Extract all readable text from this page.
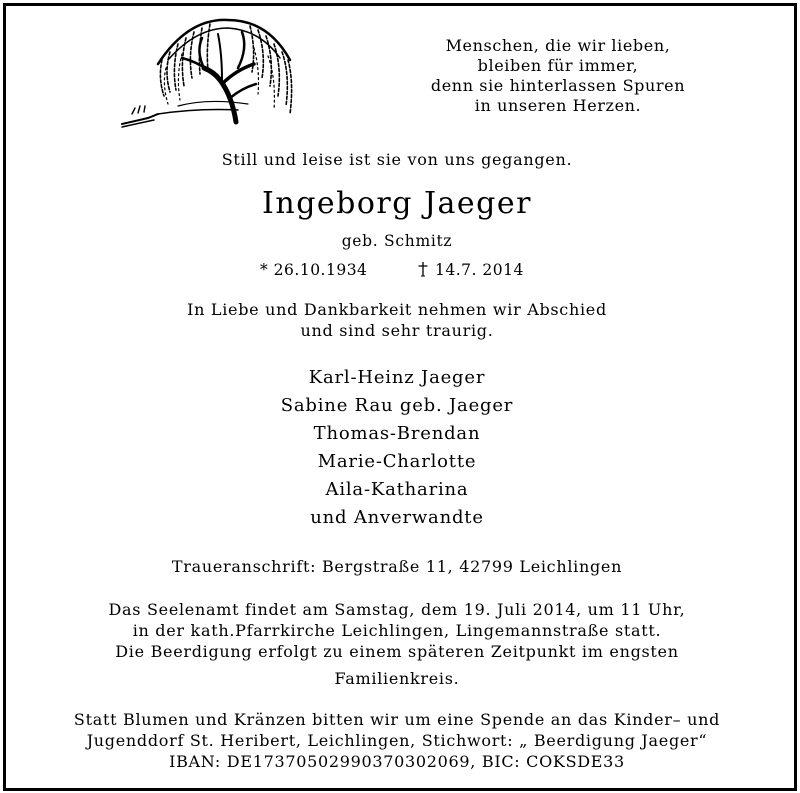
Menschen, die wir lieben,
bleiben für immer,
denn sie hinterlassen Spuren
in unseren Herzen.
Still und leise ist sie von uns gegangen.
Ingeborg Jaeger
geb. Schmitz
* 26.10.1934	14.7. 2014
In Liebe und Dankbarkeit nehmen wir Abschied
und sind sehr traurig.
Karl-Heinz Jaeger
Sabine Rau geb. Jaeger
Thomas-Brendan
Marie-Charlotte
Aila-Katharina
und Anverwandte
Traueranschrift: Bergstraße 11, 42799 Leichlingen
Das Seelenamt findet am Samstag, dem 19. Juli 2014, um 11 Uhr,
in der kath.Pfarrkirche Leichlingen, Lingemannstraße statt.
Die Beerdigung erfolgt zu einem späteren Zeitpunkt im engsten
Familienkreis.
Statt Blumen und Kränzen bitten wir um eine Spende an das Kinder– und
Jugenddorf St. Heribert, Leichlingen, Stichwort: „ Beerdigung Jaeger“
IBAN: DE17370502990370302069, BIC: COKSDE33
